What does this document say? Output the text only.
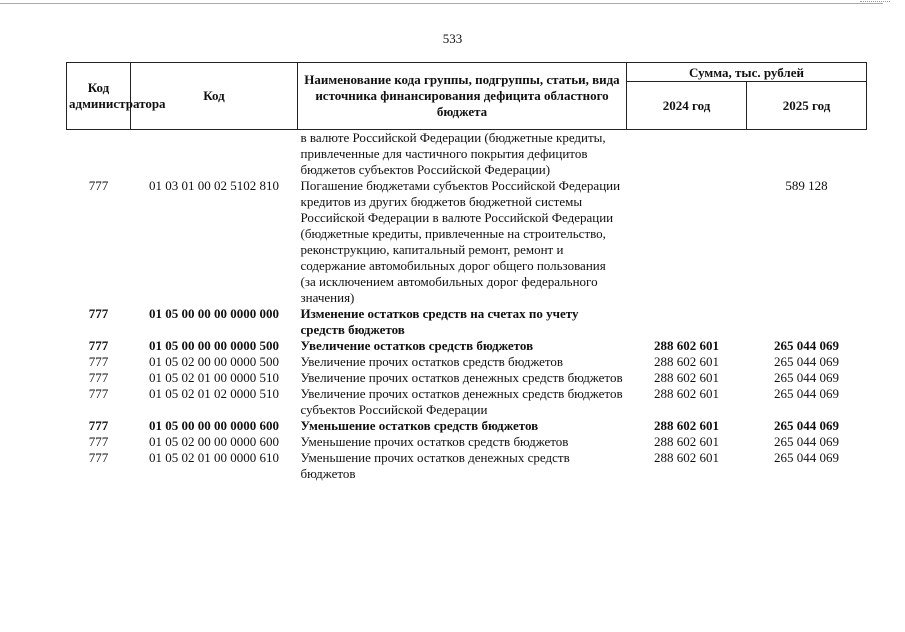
533
Код администратора	Код	Наименование кода группы, подгруппы, статьи, вида источника финансирования дефицита областного бюджета	Сумма, тыс. рублей	
			2024 год	2025 год
		в валюте Российской Федерации (бюджетные кредиты, привлеченные для частичного покрытия дефицитов бюджетов субъектов Российской Федерации)		
777	01 03 01 00 02 5102 810	Погашение бюджетами субъектов Российской Федерации кредитов из других бюджетов бюджетной системы Российской Федерации в валюте Российской Федерации (бюджетные кредиты, привлеченные на строительство, реконструкцию, капитальный ремонт, ремонт и содержание автомобильных дорог общего пользования (за исключением автомобильных дорог федерального значения)		589 128
777	01 05 00 00 00 0000 000	Изменение остатков средств на счетах по учету средств бюджетов		
777	01 05 00 00 00 0000 500	Увеличение остатков средств бюджетов	288 602 601	265 044 069
777	01 05 02 00 00 0000 500	Увеличение прочих остатков средств бюджетов	288 602 601	265 044 069
777	01 05 02 01 00 0000 510	Увеличение прочих остатков денежных средств бюджетов	288 602 601	265 044 069
777	01 05 02 01 02 0000 510	Увеличение прочих остатков денежных средств бюджетов субъектов Российской Федерации	288 602 601	265 044 069
777	01 05 00 00 00 0000 600	Уменьшение остатков средств бюджетов	288 602 601	265 044 069
777	01 05 02 00 00 0000 600	Уменьшение прочих остатков средств бюджетов	288 602 601	265 044 069
777	01 05 02 01 00 0000 610	Уменьшение прочих остатков денежных средств бюджетов	288 602 601	265 044 069
